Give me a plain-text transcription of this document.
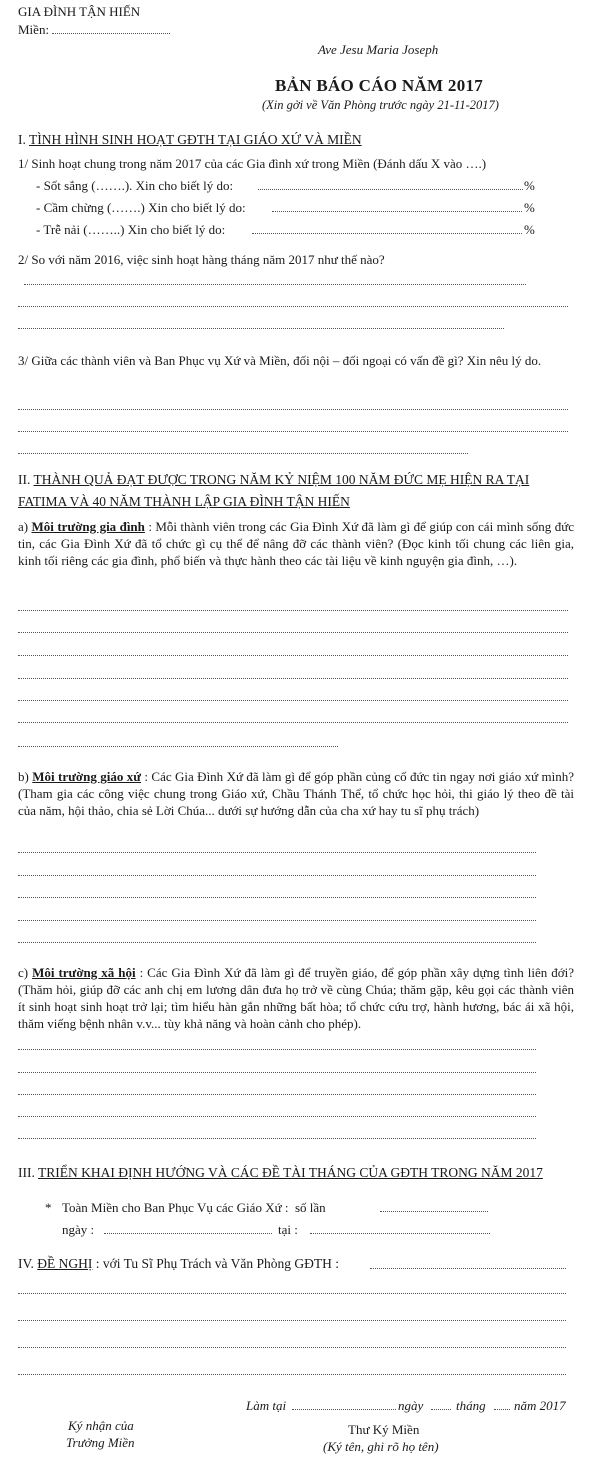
GIA ĐÌNH TẬN HIẾN
Miền:
Ave Jesu Maria Joseph
BẢN BÁO CÁO NĂM 2017
(Xin gởi về Văn Phòng trước ngày 21-11-2017)
I. TÌNH HÌNH SINH HOẠT GĐTH TẠI GIÁO XỨ VÀ MIỀN
1/ Sinh hoạt chung trong năm 2017 của các Gia đình xứ trong Miền (Đánh dấu X vào ….)
- Sốt sắng (…….). Xin cho biết lý do:	%
- Cầm chừng (…….) Xin cho biết lý do:	%
- Trễ nải (……..) Xin cho biết lý do:	%
2/ So với năm 2016, việc sinh hoạt hàng tháng năm 2017 như thế nào?
3/ Giữa các thành viên và Ban Phục vụ Xứ và Miền, đối nội – đối ngoại có vấn đề gì? Xin nêu lý do.
II. THÀNH QUẢ ĐẠT ĐƯỢC TRONG NĂM KỶ NIỆM 100 NĂM ĐỨC MẸ HIỆN RA TẠI
FATIMA VÀ 40 NĂM THÀNH LẬP GIA ĐÌNH TẬN HIẾN
a) Môi trường gia đình : Mỗi thành viên trong các Gia Đình Xứ đã làm gì để giúp con cái mình sống đức tin, các Gia Đình Xứ đã tổ chức gì cụ thể để nâng đỡ các thành viên? (Đọc kinh tối chung các liên gia, kinh tối riêng các gia đình, phổ biến và thực hành theo các tài liệu về kinh nguyện gia đình, …).
b) Môi trường giáo xứ : Các Gia Đình Xứ đã làm gì để góp phần củng cố đức tin ngay nơi giáo xứ mình? (Tham gia các công việc chung trong Giáo xứ, Chầu Thánh Thể, tổ chức học hỏi, thi giáo lý theo đề tài của năm, hội thảo, chia sẻ Lời Chúa... dưới sự hướng dẫn của cha xứ hay tu sĩ phụ trách)
c) Môi trường xã hội : Các Gia Đình Xứ đã làm gì để truyền giáo, để góp phần xây dựng tình liên đới? (Thăm hỏi, giúp đỡ các anh chị em lương dân đưa họ trở về cùng Chúa; thăm gặp, kêu gọi các thành viên ít sinh hoạt sinh hoạt trở lại; tìm hiểu hàn gắn những bất hòa; tổ chức cứu trợ, hành hương, bác ái xã hội, thăm viếng bệnh nhân v.v... tùy khả năng và hoàn cảnh cho phép).
III. TRIỂN KHAI ĐỊNH HƯỚNG VÀ CÁC ĐỀ TÀI THÁNG CỦA GĐTH TRONG NĂM 2017
* Toàn Miền cho Ban Phục Vụ các Giáo Xứ : số lần
ngày :	tại :
IV. ĐỀ NGHỊ : với Tu Sĩ Phụ Trách và Văn Phòng GĐTH :
Làm tại	ngày	tháng năm 2017
Ký nhận của
Trưởng Miền
Thư Ký Miền
(Ký tên, ghi rõ họ tên)
